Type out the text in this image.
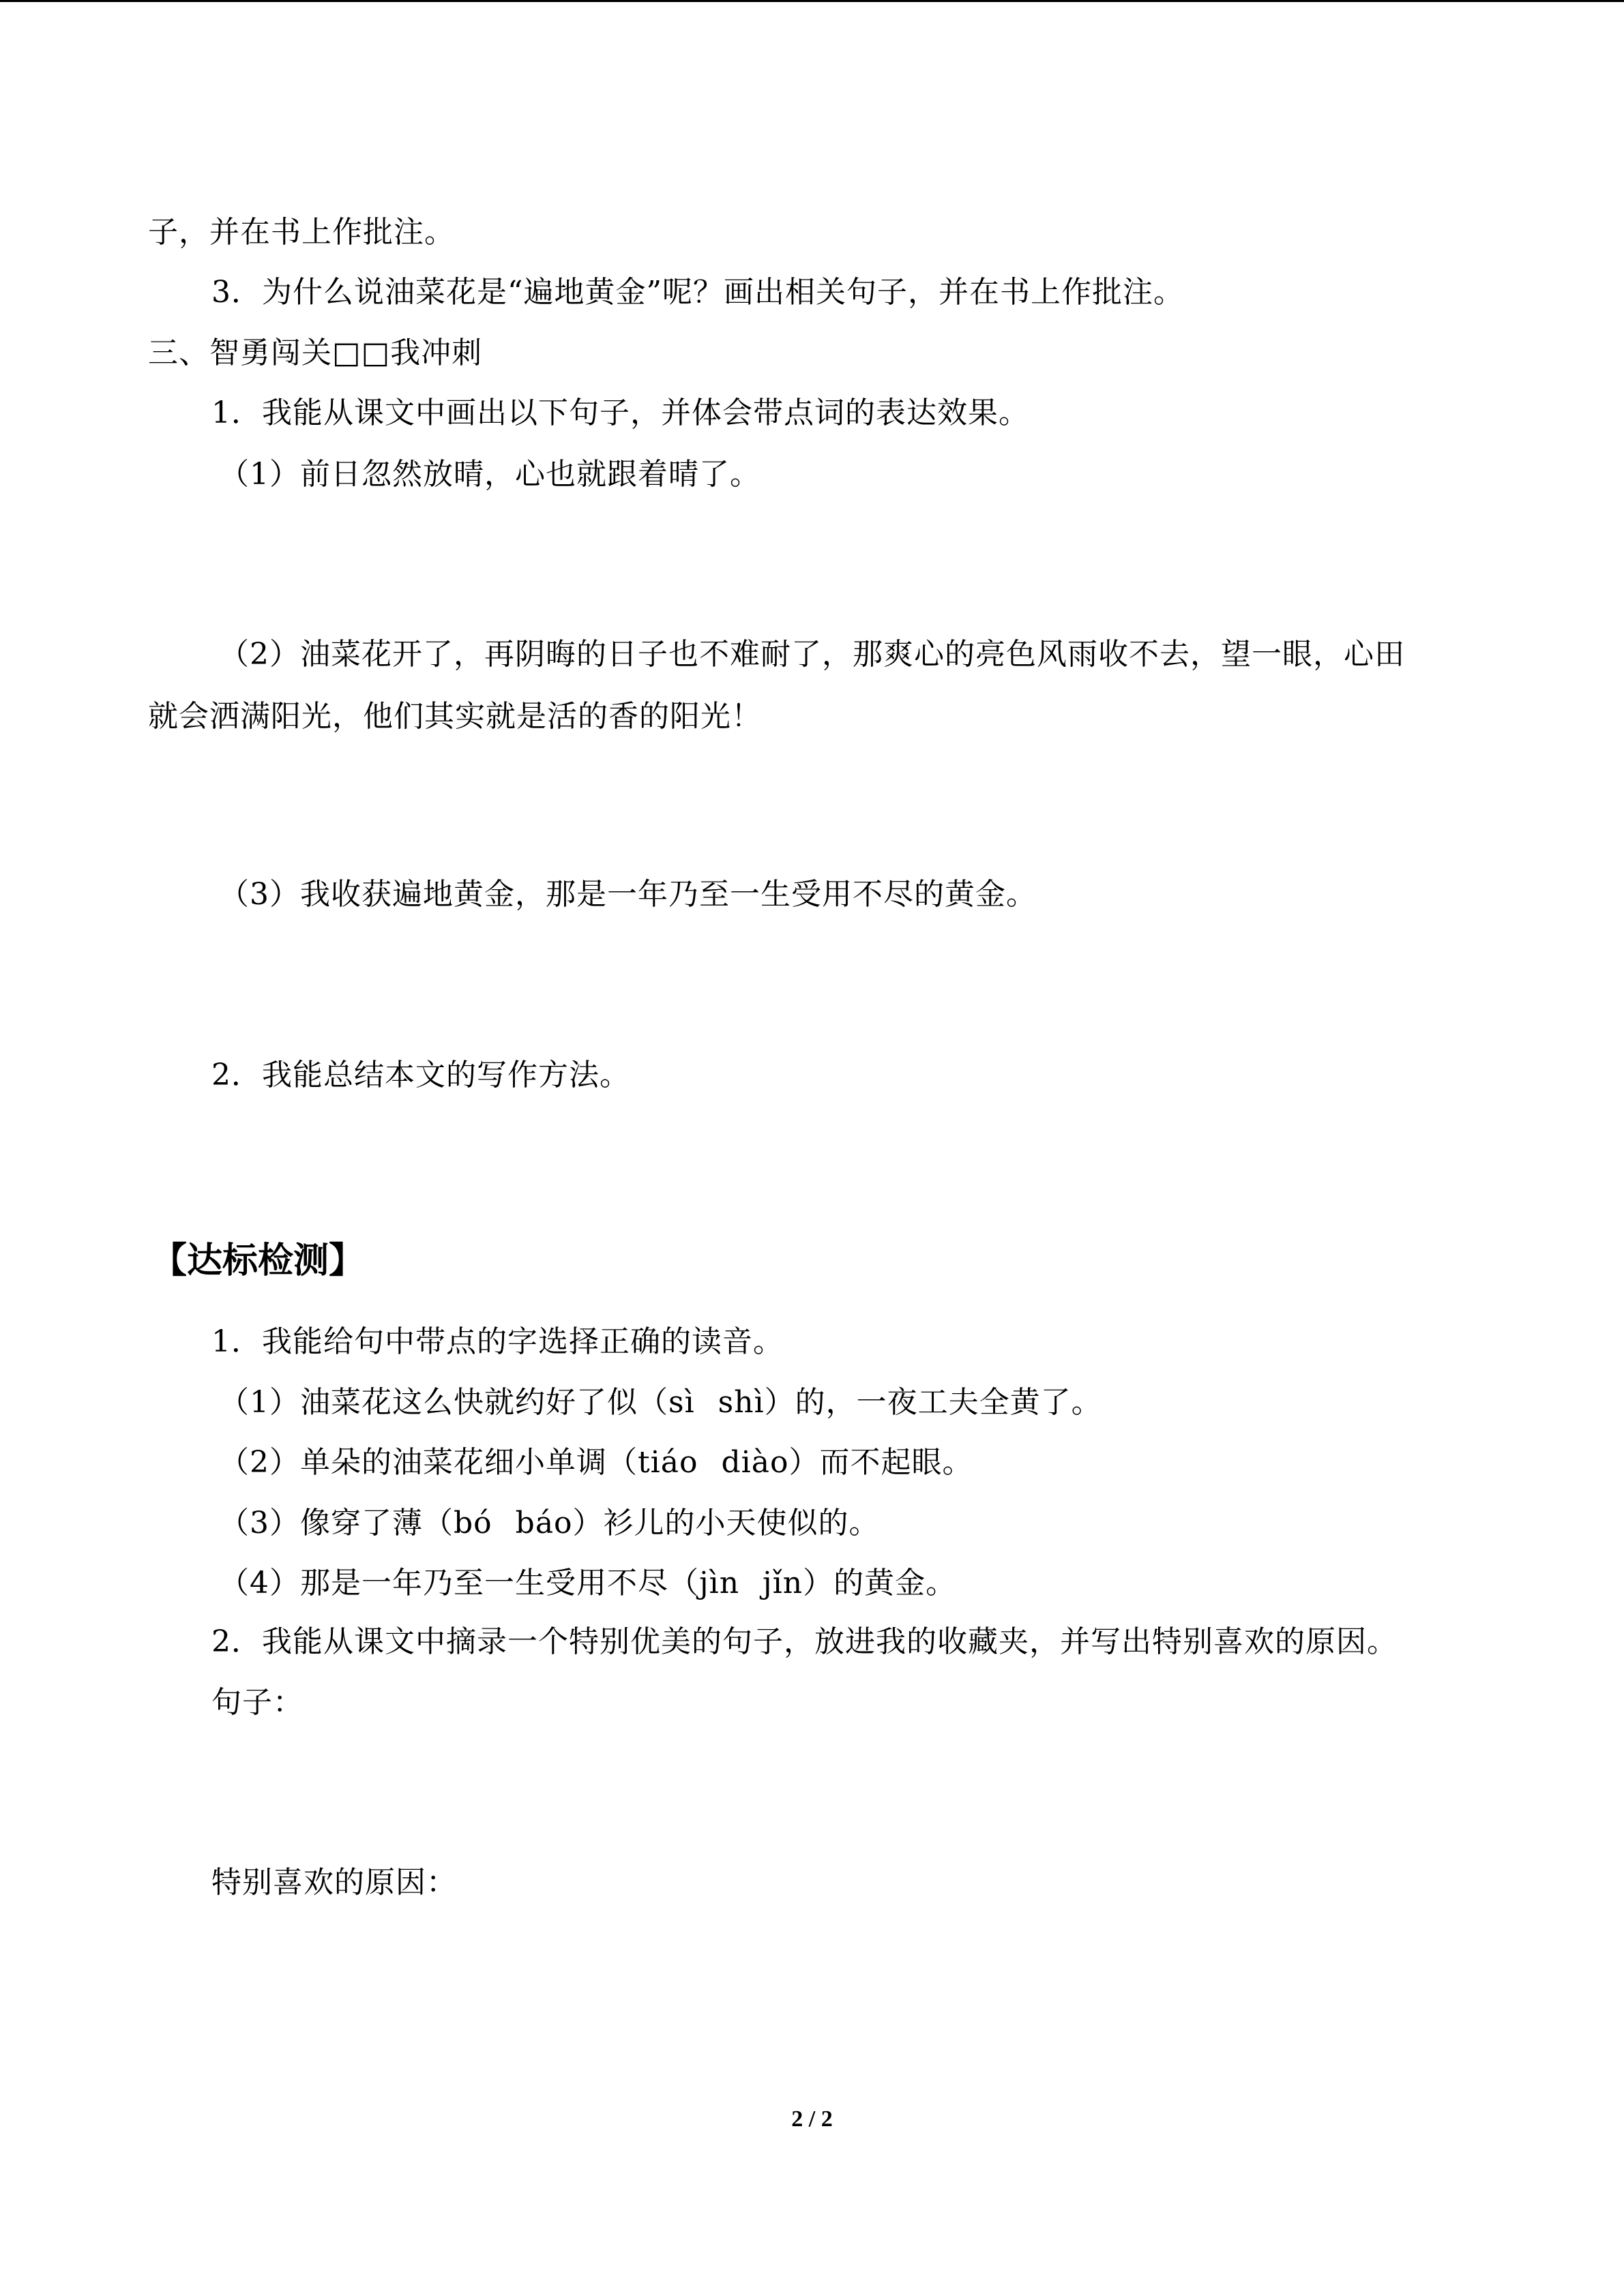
子，并在书上作批注。
3．为什么说油菜花是“遍地黄金”呢？画出相关句子，并在书上作批注。
三、智勇闯关□□我冲刺
1．我能从课文中画出以下句子，并体会带点词的表达效果。
（1）前日忽然放晴，心也就跟着晴了。
（2）油菜花开了，再阴晦的日子也不难耐了，那爽心的亮色风雨收不去，望一眼，心田
就会洒满阳光，他们其实就是活的香的阳光！
（3）我收获遍地黄金，那是一年乃至一生受用不尽的黄金。
2．我能总结本文的写作方法。
【达标检测】
1．我能给句中带点的字选择正确的读音。
（1）油菜花这么快就约好了似（sì shì）的，一夜工夫全黄了。
（2）单朵的油菜花细小单调（tiáo diào）而不起眼。
（3）像穿了薄（bó báo）衫儿的小天使似的。
（4）那是一年乃至一生受用不尽（jìn jǐn）的黄金。
2．我能从课文中摘录一个特别优美的句子，放进我的收藏夹，并写出特别喜欢的原因。
句子：
特别喜欢的原因：
2 / 2
